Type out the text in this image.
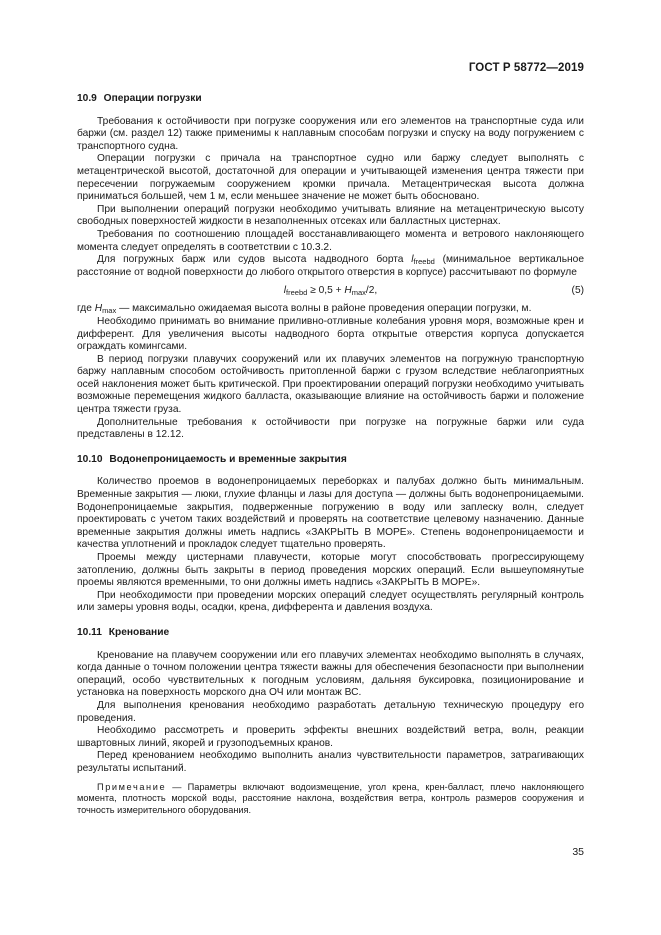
ГОСТ Р 58772—2019
10.9 Операции погрузки

Требования к остойчивости при погрузке сооружения или его элементов на транспортные суда или баржи (см. раздел 12) также применимы к наплавным способам погрузки и спуску на воду погружением с транспортного судна.

Операции погрузки с причала на транспортное судно или баржу следует выполнять с метацентрической высотой, достаточной для операции и учитывающей изменения центра тяжести при пересечении погружаемым сооружением кромки причала. Метацентрическая высота должна приниматься большей, чем 1 м, если меньшее значение не может быть обосновано.

При выполнении операций погрузки необходимо учитывать влияние на метацентрическую высоту свободных поверхностей жидкости в незаполненных отсеках или балластных цистернах.

Требования по соотношению площадей восстанавливающего момента и ветрового наклоняющего момента следует определять в соответствии с 10.3.2.

Для погружных барж или судов высота надводного борта $l_{freebd}$ (минимальное вертикальное расстояние от водной поверхности до любого открытого отверстия в корпусе) рассчитывают по формуле

$l_{freebd} \ge 0,5 + H_{max}/2$,	(5)

где $H_{max}$ — максимально ожидаемая высота волны в районе проведения операции погрузки, м.

Необходимо принимать во внимание приливно-отливные колебания уровня моря, возможные крен и дифферент. Для увеличения высоты надводного борта открытые отверстия корпуса допускается ограждать комингсами.

В период погрузки плавучих сооружений или их плавучих элементов на погружную транспортную баржу наплавным способом остойчивость притопленной баржи с грузом вследствие неблагоприятных осей наклонения может быть критической. При проектировании операций погрузки необходимо учитывать возможные перемещения жидкого балласта, оказывающие влияние на остойчивость баржи и положение центра тяжести груза.

Дополнительные требования к остойчивости при погрузке на погружные баржи или суда представлены в 12.12.

10.10 Водонепроницаемость и временные закрытия

Количество проемов в водонепроницаемых переборках и палубах должно быть минимальным. Временные закрытия — люки, глухие фланцы и лазы для доступа — должны быть водонепроницаемыми. Водонепроницаемые закрытия, подверженные погружению в воду или заплеску волн, следует проектировать с учетом таких воздействий и проверять на соответствие целевому назначению. Данные временные закрытия должны иметь надпись «ЗАКРЫТЬ В МОРЕ». Степень водонепроницаемости и качества уплотнений и прокладок следует тщательно проверять.

Проемы между цистернами плавучести, которые могут способствовать прогрессирующему затоплению, должны быть закрыты в период проведения морских операций. Если вышеупомянутые проемы являются временными, то они должны иметь надпись «ЗАКРЫТЬ В МОРЕ».

При необходимости при проведении морских операций следует осуществлять регулярный контроль или замеры уровня воды, осадки, крена, дифферента и давления воздуха.

10.11 Кренование

Кренование на плавучем сооружении или его плавучих элементах необходимо выполнять в случаях, когда данные о точном положении центра тяжести важны для обеспечения безопасности при выполнении операций, особо чувствительных к погодным условиям, дальняя буксировка, позиционирование и установка на поверхность морского дна ОЧ или монтаж ВС.

Для выполнения кренования необходимо разработать детальную техническую процедуру его проведения.

Необходимо рассмотреть и проверить эффекты внешних воздействий ветра, волн, реакции швартовных линий, якорей и грузоподъемных кранов.

Перед кренованием необходимо выполнить анализ чувствительности параметров, затрагивающих результаты испытаний.

Примечание — Параметры включают водоизмещение, угол крена, крен-балласт, плечо наклоняющего момента, плотность морской воды, расстояние наклона, воздействия ветра, контроль размеров сооружения и точность измерительного оборудования.

35
